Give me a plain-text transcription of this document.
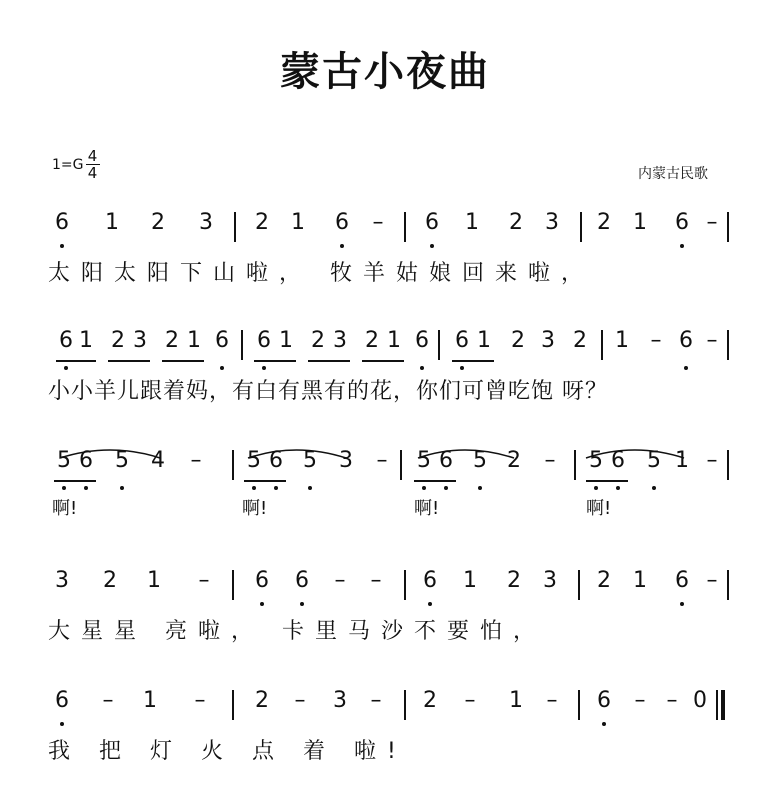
蒙古小夜曲
$1=G \frac{4}{4}$	内蒙古民歌
6 1 2 3 2 1 6 – 6 1 2 3 2 1 6 –
太阳太阳下山啦， 牧羊姑娘回来啦，
6 1 2 3 2 1 6 6 1 2 3 2 1 6 6 1 2 3 2 1 – 6 –
小小羊儿跟着妈，有白有黑有的花，你们可曾吃饱 呀？
5 6 5 4 – 5 6 5 3 – 5 6 5 2 – 5 6 5 1 –
啊!	啊!	啊!	啊!
3 2 1 – 6 6 – – 6 1 2 3 2 1 6 –
大星星 亮啦， 卡里马沙不要怕，
6 – 1 – 2 – 3 – 2 – 1 – 6 – – 0
我 把 灯 火 点 着 啦!
